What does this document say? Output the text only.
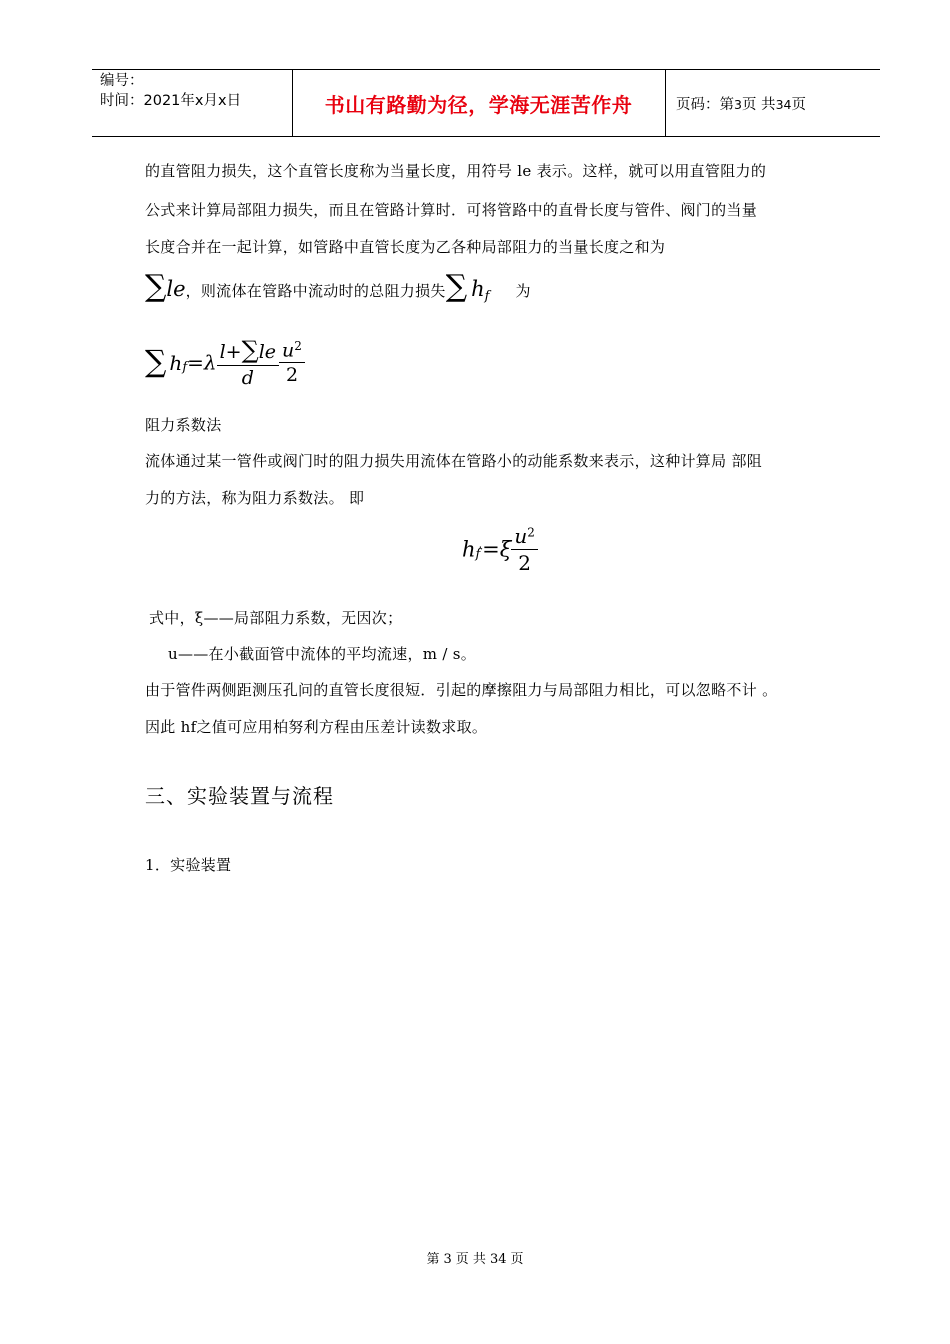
编号：
时间：2021年x月x日	书山有路勤为径，学海无涯苦作舟	页码：第3页 共34页
的直管阻力损失，这个直管长度称为当量长度，用符号 le 表示。这样，就可以用直管阻力的
公式来计算局部阻力损失，而且在管路计算时．可将管路中的直骨长度与管件、阀门的当量
长度合并在一起计算，如管路中直管长度为乙各种局部阻力的当量长度之和为
∑le，则流体在管路中流动时的总阻力损失∑ $h_f$ 为
∑ $h_f=\lambda \frac{l+\sum le}{d} \frac{u^2}{2}$
阻力系数法
流体通过某一管件或阀门时的阻力损失用流体在管路小的动能系数来表示，这种计算局 部阻
力的方法，称为阻力系数法。 即
$h_f^,=\xi \frac{u^2}{2}$
式中，ξ——局部阻力系数，无因次；
u——在小截面管中流体的平均流速，m / s。
由于管件两侧距测压孔问的直管长度很短．引起的摩擦阻力与局部阻力相比，可以忽略不计 。
因此 hf之值可应用柏努利方程由压差计读数求取。
三、实验装置与流程
1．实验装置
第 3 页 共 34 页
